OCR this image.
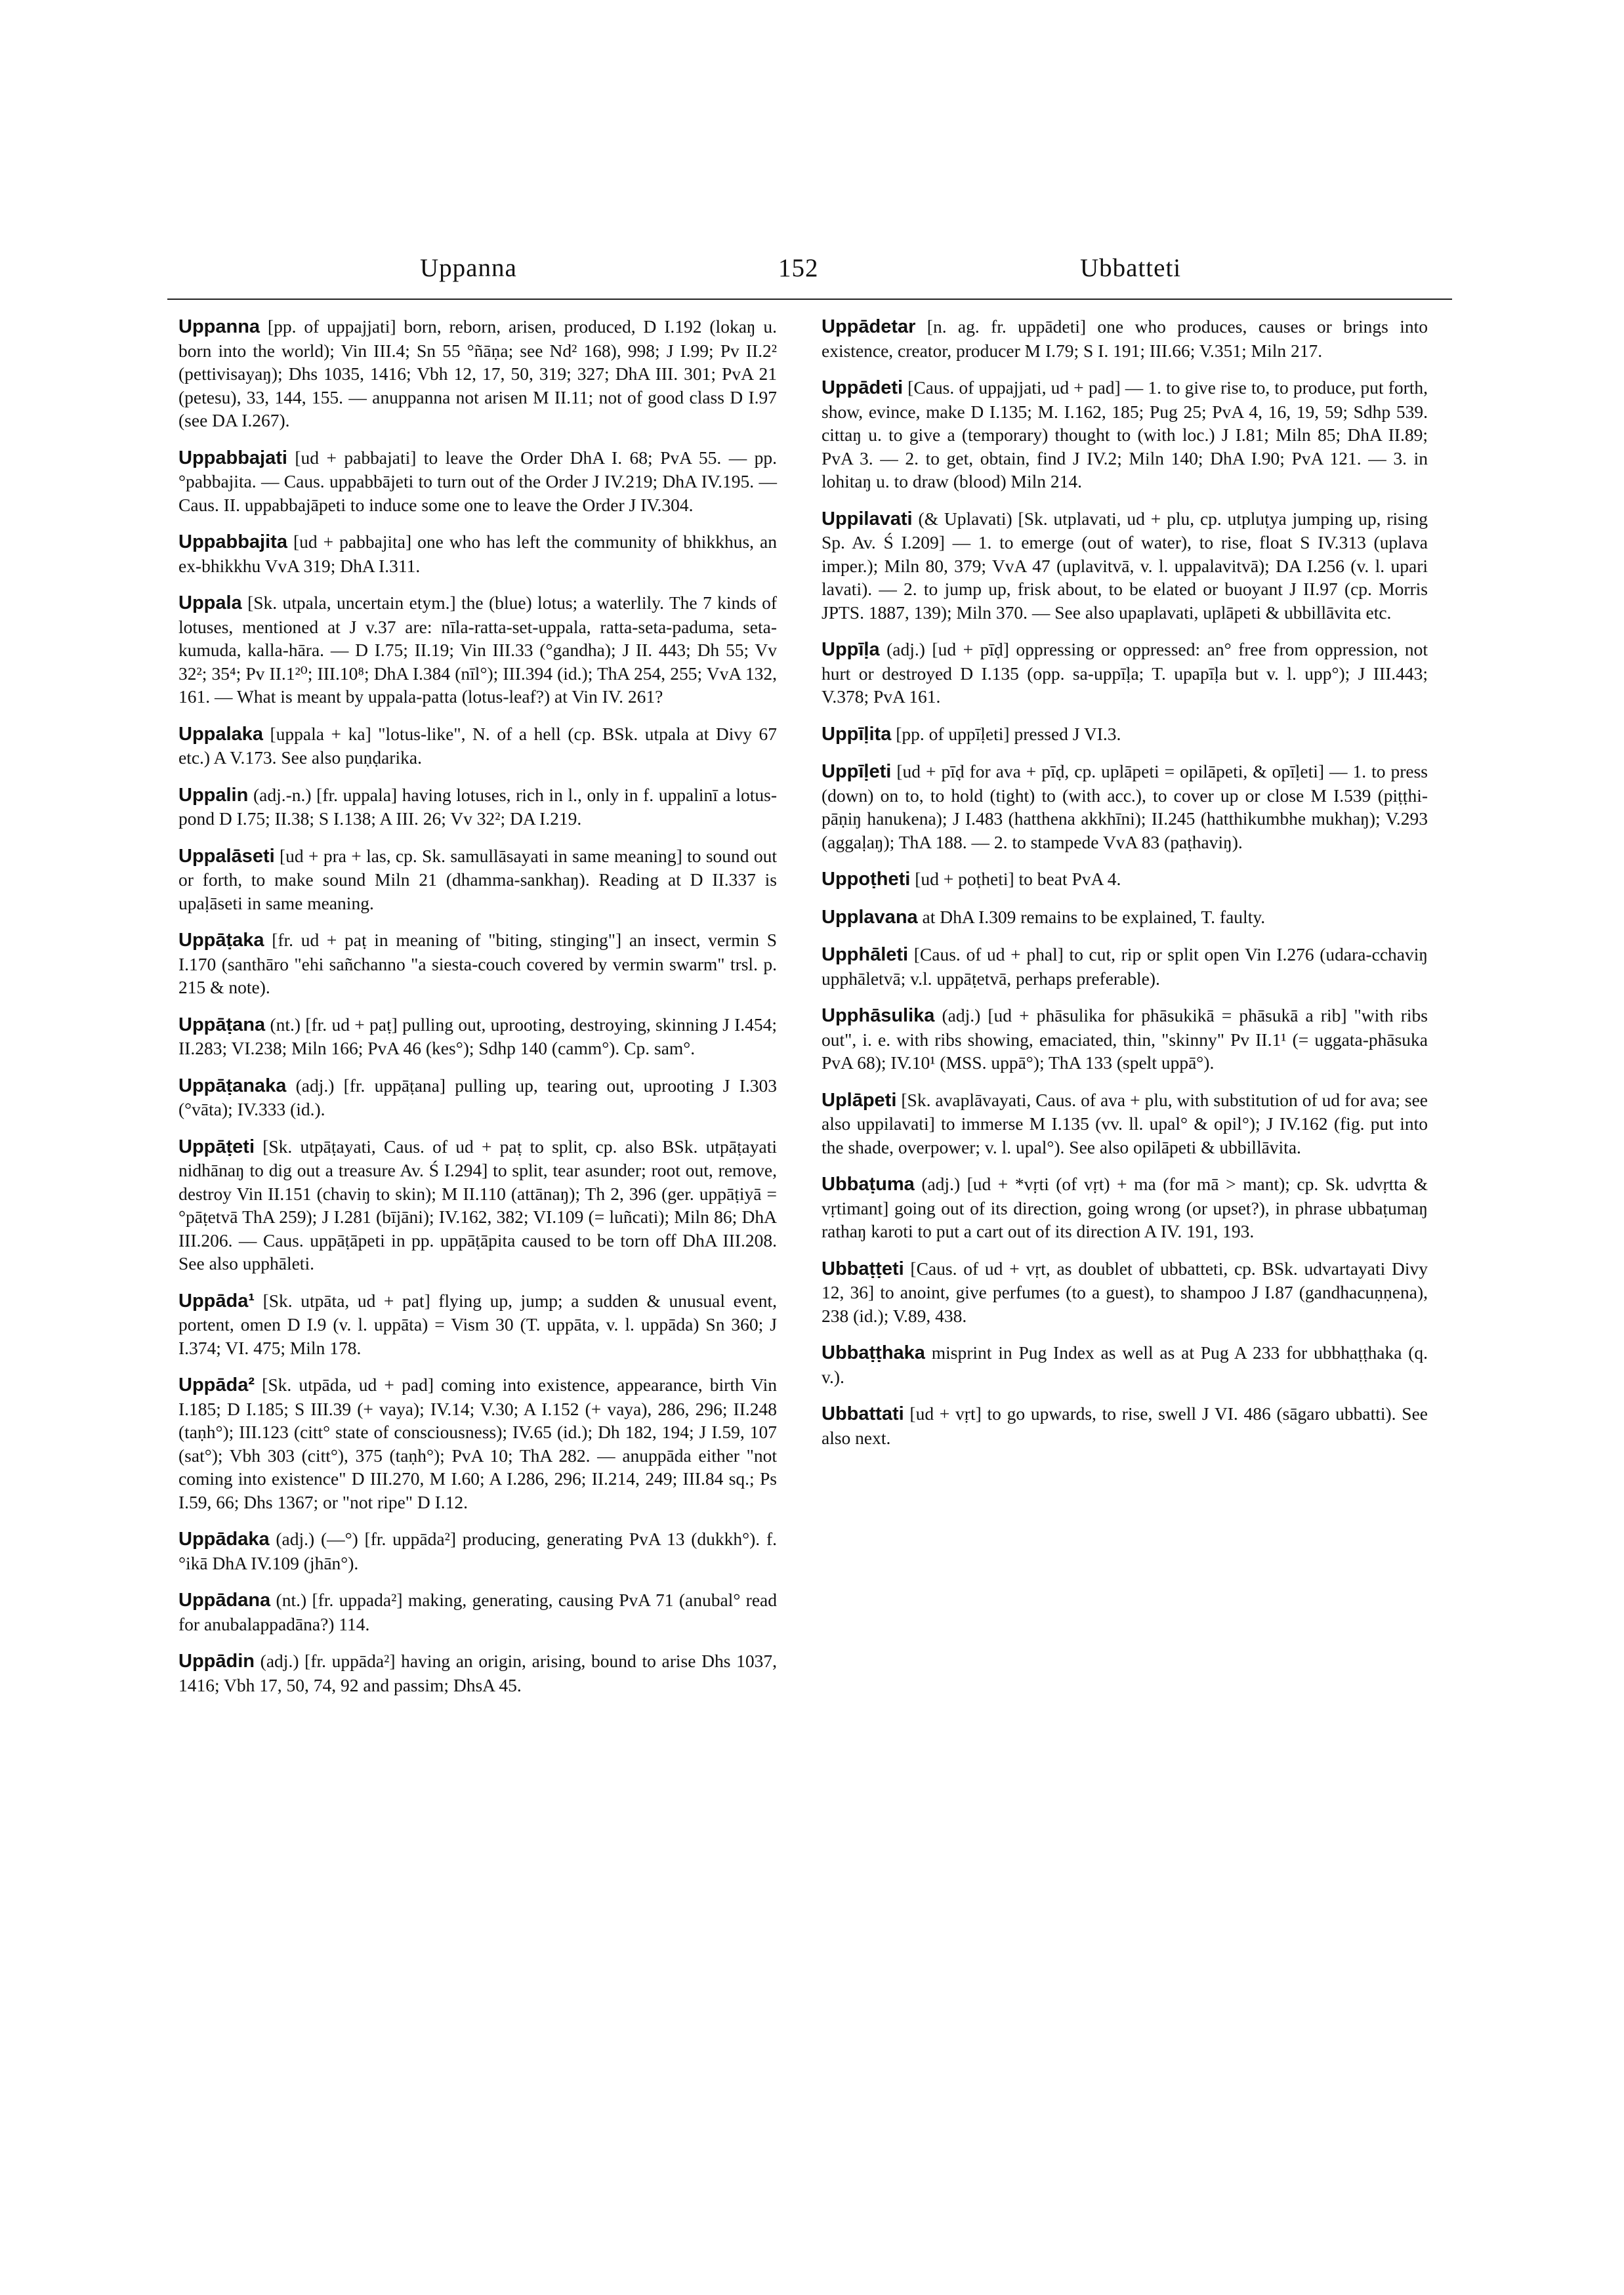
Uppanna	152	Ubbatteti

Uppanna [pp. of uppajjati] born, reborn, arisen, produced, D I.192 (lokaŋ u. born into the world); Vin III.4; Sn 55 °ñāṇa; see Nd² 168), 998; J I.99; Pv II.2² (pettivisayaŋ); Dhs 1035, 1416; Vbh 12, 17, 50, 319; 327; DhA III. 301; PvA 21 (petesu), 33, 144, 155. — anuppanna not arisen M II.11; not of good class D I.97 (see DA I.267).

Uppabbajati [ud + pabbajati] to leave the Order DhA I. 68; PvA 55. — pp. °pabbajita. — Caus. uppabbājeti to turn out of the Order J IV.219; DhA IV.195. — Caus. II. uppabbajāpeti to induce some one to leave the Order J IV.304.

Uppabbajita [ud + pabbajita] one who has left the community of bhikkhus, an ex-bhikkhu VvA 319; DhA I.311.

Uppala [Sk. utpala, uncertain etym.] the (blue) lotus; a waterlily. The 7 kinds of lotuses, mentioned at J v.37 are: nīla-ratta-set-uppala, ratta-seta-paduma, seta-kumuda, kalla-hāra. — D I.75; II.19; Vin III.33 (°gandha); J II. 443; Dh 55; Vv 32²; 35⁴; Pv II.1²⁰; III.10⁸; DhA I.384 (nīl°); III.394 (id.); ThA 254, 255; VvA 132, 161. — What is meant by uppala-patta (lotus-leaf?) at Vin IV. 261?

Uppalaka [uppala + ka] "lotus-like", N. of a hell (cp. BSk. utpala at Divy 67 etc.) A V.173. See also puṇḍarika.

Uppalin (adj.-n.) [fr. uppala] having lotuses, rich in l., only in f. uppalinī a lotus-pond D I.75; II.38; S I.138; A III. 26; Vv 32²; DA I.219.

Uppalāseti [ud + pra + las, cp. Sk. samullāsayati in same meaning] to sound out or forth, to make sound Miln 21 (dhamma-sankhaŋ). Reading at D II.337 is upaḷāseti in same meaning.

Uppāṭaka [fr. ud + paṭ in meaning of "biting, stinging"] an insect, vermin S I.170 (santhāro "ehi sañchanno "a siesta-couch covered by vermin swarm" trsl. p. 215 & note).

Uppāṭana (nt.) [fr. ud + paṭ] pulling out, uprooting, destroying, skinning J I.454; II.283; VI.238; Miln 166; PvA 46 (kes°); Sdhp 140 (camm°). Cp. sam°.

Uppāṭanaka (adj.) [fr. uppāṭana] pulling up, tearing out, uprooting J I.303 (°vāta); IV.333 (id.).

Uppāṭeti [Sk. utpāṭayati, Caus. of ud + paṭ to split, cp. also BSk. utpāṭayati nidhānaŋ to dig out a treasure Av. Ś I.294] to split, tear asunder; root out, remove, destroy Vin II.151 (chaviŋ to skin); M II.110 (attānaŋ); Th 2, 396 (ger. uppāṭiyā = °pāṭetvā ThA 259); J I.281 (bījāni); IV.162, 382; VI.109 (= luñcati); Miln 86; DhA III.206. — Caus. uppāṭāpeti in pp. uppāṭāpita caused to be torn off DhA III.208. See also upphāleti.

Uppāda¹ [Sk. utpāta, ud + pat] flying up, jump; a sudden & unusual event, portent, omen D I.9 (v. l. uppāta) = Vism 30 (T. uppāta, v. l. uppāda) Sn 360; J I.374; VI. 475; Miln 178.

Uppāda² [Sk. utpāda, ud + pad] coming into existence, appearance, birth Vin I.185; D I.185; S III.39 (+ vaya); IV.14; V.30; A I.152 (+ vaya), 286, 296; II.248 (taṇh°); III.123 (citt° state of consciousness); IV.65 (id.); Dh 182, 194; J I.59, 107 (sat°); Vbh 303 (citt°), 375 (taṇh°); PvA 10; ThA 282. — anuppāda either "not coming into existence" D III.270, M I.60; A I.286, 296; II.214, 249; III.84 sq.; Ps I.59, 66; Dhs 1367; or "not ripe" D I.12.

Uppādaka (adj.) (—°) [fr. uppāda²] producing, generating PvA 13 (dukkh°). f. °ikā DhA IV.109 (jhān°).

Uppādana (nt.) [fr. uppada²] making, generating, causing PvA 71 (anubal° read for anubalappadāna?) 114.

Uppādin (adj.) [fr. uppāda²] having an origin, arising, bound to arise Dhs 1037, 1416; Vbh 17, 50, 74, 92 and passim; DhsA 45.

Uppādetar [n. ag. fr. uppādeti] one who produces, causes or brings into existence, creator, producer M I.79; S I. 191; III.66; V.351; Miln 217.

Uppādeti [Caus. of uppajjati, ud + pad] — 1. to give rise to, to produce, put forth, show, evince, make D I.135; M. I.162, 185; Pug 25; PvA 4, 16, 19, 59; Sdhp 539. cittaŋ u. to give a (temporary) thought to (with loc.) J I.81; Miln 85; DhA II.89; PvA 3. — 2. to get, obtain, find J IV.2; Miln 140; DhA I.90; PvA 121. — 3. in lohitaŋ u. to draw (blood) Miln 214.

Uppilavati (& Uplavati) [Sk. utplavati, ud + plu, cp. utpluṭya jumping up, rising Sp. Av. Ś I.209] — 1. to emerge (out of water), to rise, float S IV.313 (uplava imper.); Miln 80, 379; VvA 47 (uplavitvā, v. l. uppalavitvā); DA I.256 (v. l. upari lavati). — 2. to jump up, frisk about, to be elated or buoyant J II.97 (cp. Morris JPTS. 1887, 139); Miln 370. — See also upaplavati, uplāpeti & ubbillāvita etc.

Uppīḷa (adj.) [ud + pīḍ] oppressing or oppressed: an° free from oppression, not hurt or destroyed D I.135 (opp. sa-uppīḷa; T. upapīḷa but v. l. upp°); J III.443; V.378; PvA 161.

Uppīḷita [pp. of uppīḷeti] pressed J VI.3.

Uppīḷeti [ud + pīḍ for ava + pīḍ, cp. uplāpeti = opilāpeti, & opīḷeti] — 1. to press (down) on to, to hold (tight) to (with acc.), to cover up or close M I.539 (piṭṭhi-pāṇiŋ hanukena); J I.483 (hatthena akkhīni); II.245 (hatthikumbhe mukhaŋ); V.293 (aggaḷaŋ); ThA 188. — 2. to stampede VvA 83 (paṭhaviŋ).

Uppoṭheti [ud + poṭheti] to beat PvA 4.

Upplavana at DhA I.309 remains to be explained, T. faulty.

Upphāleti [Caus. of ud + phal] to cut, rip or split open Vin I.276 (udara-cchaviŋ upphāletvā; v.l. uppāṭetvā, perhaps preferable).

Upphāsulika (adj.) [ud + phāsulika for phāsukikā = phāsukā a rib] "with ribs out", i. e. with ribs showing, emaciated, thin, "skinny" Pv II.1¹ (= uggata-phāsuka PvA 68); IV.10¹ (MSS. uppā°); ThA 133 (spelt uppā°).

Uplāpeti [Sk. avaplāvayati, Caus. of ava + plu, with substitution of ud for ava; see also uppilavati] to immerse M I.135 (vv. ll. upal° & opil°); J IV.162 (fig. put into the shade, overpower; v. l. upal°). See also opilāpeti & ubbillāvita.

Ubbaṭuma (adj.) [ud + *vṛti (of vṛt) + ma (for mā > mant); cp. Sk. udvṛtta & vṛtimant] going out of its direction, going wrong (or upset?), in phrase ubbaṭumaŋ rathaŋ karoti to put a cart out of its direction A IV. 191, 193.

Ubbaṭṭeti [Caus. of ud + vṛt, as doublet of ubbatteti, cp. BSk. udvartayati Divy 12, 36] to anoint, give perfumes (to a guest), to shampoo J I.87 (gandhacuṇṇena), 238 (id.); V.89, 438.

Ubbaṭṭhaka misprint in Pug Index as well as at Pug A 233 for ubbhaṭṭhaka (q. v.).

Ubbattati [ud + vṛt] to go upwards, to rise, swell J VI. 486 (sāgaro ubbatti). See also next.
